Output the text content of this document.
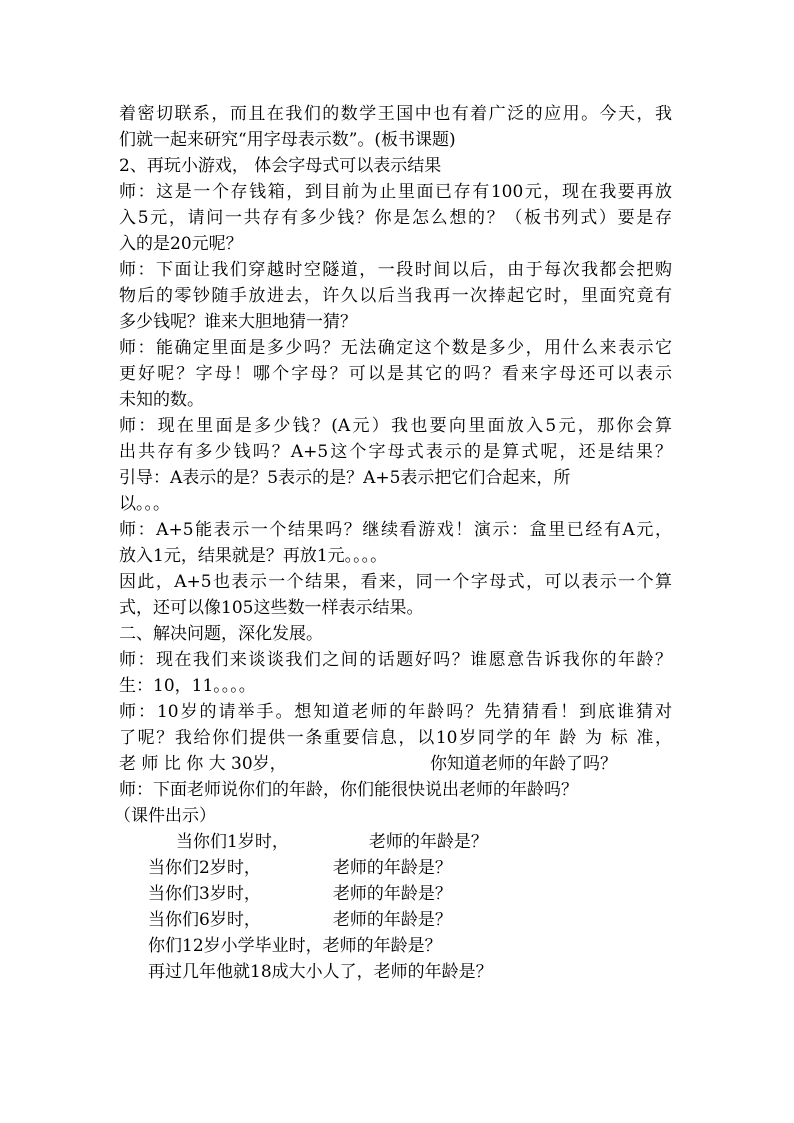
着密切联系，而且在我们的数学王国中也有着广泛的应用。今天，我

们就一起来研究“用字母表示数”。(板书课题)

2、再玩小游戏， 体会字母式可以表示结果

师：这是一个存钱箱，到目前为止里面已存有100元，现在我要再放

入5元，请问一共存有多少钱？你是怎么想的？（板书列式）要是存

入的是20元呢？

师：下面让我们穿越时空隧道，一段时间以后，由于每次我都会把购

物后的零钞随手放进去，许久以后当我再一次捧起它时，里面究竟有

多少钱呢？谁来大胆地猜一猜？

师：能确定里面是多少吗？无法确定这个数是多少，用什么来表示它

更好呢？字母！哪个字母？可以是其它的吗？看来字母还可以表示

未知的数。

师：现在里面是多少钱？(A元）我也要向里面放入5元，那你会算

出共存有多少钱吗？A+5这个字母式表示的是算式呢，还是结果？

引导：A表示的是？5表示的是？A+5表示把它们合起来，所

以。。。

师：A+5能表示一个结果吗？继续看游戏！演示：盒里已经有A元，

放入1元，结果就是？再放1元。。。。

因此，A+5也表示一个结果，看来，同一个字母式，可以表示一个算

式，还可以像105这些数一样表示结果。

二、解决问题，深化发展。

师：现在我们来谈谈我们之间的话题好吗？谁愿意告诉我你的年龄？

生：10，11。。。。

师：10岁的请举手。想知道老师的年龄吗？先猜猜看！到底谁猜对

了呢？我给你们提供一条重要信息，以10岁同学的年 龄 为 标 准，

老 师 比 你 大 30岁，	你知道老师的年龄了吗？

师：下面老师说你们的年龄，你们能很快说出老师的年龄吗？

（课件出示）

当你们1岁时，	老师的年龄是？

当你们2岁时，	老师的年龄是？

当你们3岁时，	老师的年龄是？

当你们6岁时，	老师的年龄是？

你们12岁小学毕业时，老师的年龄是？

再过几年他就18成大小人了，老师的年龄是？
